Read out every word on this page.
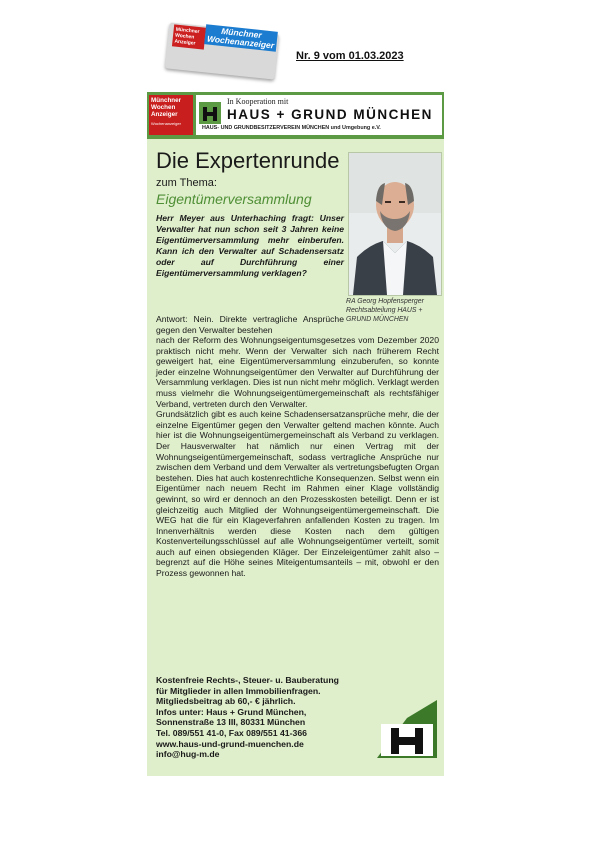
Münchner Wochen Anzeiger
Münchner Wochenanzeiger
Nr. 9 vom 01.03.2023
Münchner
Wochen
Anzeiger
Wochenanzeiger
In Kooperation mit
HAUS + GRUND MÜNCHEN
HAUS- UND GRUNDBESITZERVEREIN MÜNCHEN und Umgebung e.V.
Die Expertenrunde
zum Thema:
Eigentümerversammlung
Herr Meyer aus Unterhaching fragt: Unser Verwalter hat nun schon seit 3 Jahren keine Eigentümerversammlung mehr einberufen. Kann ich den Verwalter auf Schadensersatz oder auf Durchführung einer Eigentümerversammlung verklagen?
RA Georg Hopfensperger Rechtsabteilung HAUS + GRUND MÜNCHEN
Antwort: Nein. Direkte vertragliche Ansprüche gegen den Verwalter bestehen

nach der Reform des Wohnungseigentumsgesetzes vom Dezember 2020 praktisch nicht mehr. Wenn der Verwalter sich nach früherem Recht geweigert hat, eine Eigentümerversammlung einzuberufen, so konnte jeder einzelne Wohnungseigentümer den Verwalter auf Durchführung der Versammlung verklagen. Dies ist nun nicht mehr möglich. Verklagt werden muss vielmehr die Wohnungseigentümergemeinschaft als rechtsfähiger Verband, vertreten durch den Verwalter.

Grundsätzlich gibt es auch keine Schadensersatzansprüche mehr, die der einzelne Eigentümer gegen den Verwalter geltend machen könnte. Auch hier ist die Wohnungseigentümergemeinschaft als Verband zu verklagen. Der Hausverwalter hat nämlich nur einen Vertrag mit der Wohnungseigentümergemeinschaft, sodass vertragliche Ansprüche nur zwischen dem Verband und dem Verwalter als vertretungsbefugten Organ bestehen. Dies hat auch kostenrechtliche Konsequenzen. Selbst wenn ein Eigentümer nach neuem Recht im Rahmen einer Klage vollständig gewinnt, so wird er dennoch an den Prozesskosten beteiligt. Denn er ist gleichzeitig auch Mitglied der Wohnungseigentümergemeinschaft. Die WEG hat die für ein Klageverfahren anfallenden Kosten zu tragen. Im Innenverhältnis werden diese Kosten nach dem gültigen Kostenverteilungsschlüssel auf alle Wohnungseigentümer verteilt, somit auch auf einen obsiegenden Kläger. Der Einzeleigentümer zahlt also – begrenzt auf die Höhe seines Miteigentumsanteils – mit, obwohl er den Prozess gewonnen hat.

Kostenfreie Rechts-, Steuer- u. Bauberatung
für Mitglieder in allen Immobilienfragen.
Mitgliedsbeitrag ab 60,- € jährlich.
Infos unter: Haus + Grund München,
Sonnenstraße 13 III, 80331 München
Tel. 089/551 41-0, Fax 089/551 41-366
www.haus-und-grund-muenchen.de
info@hug-m.de
